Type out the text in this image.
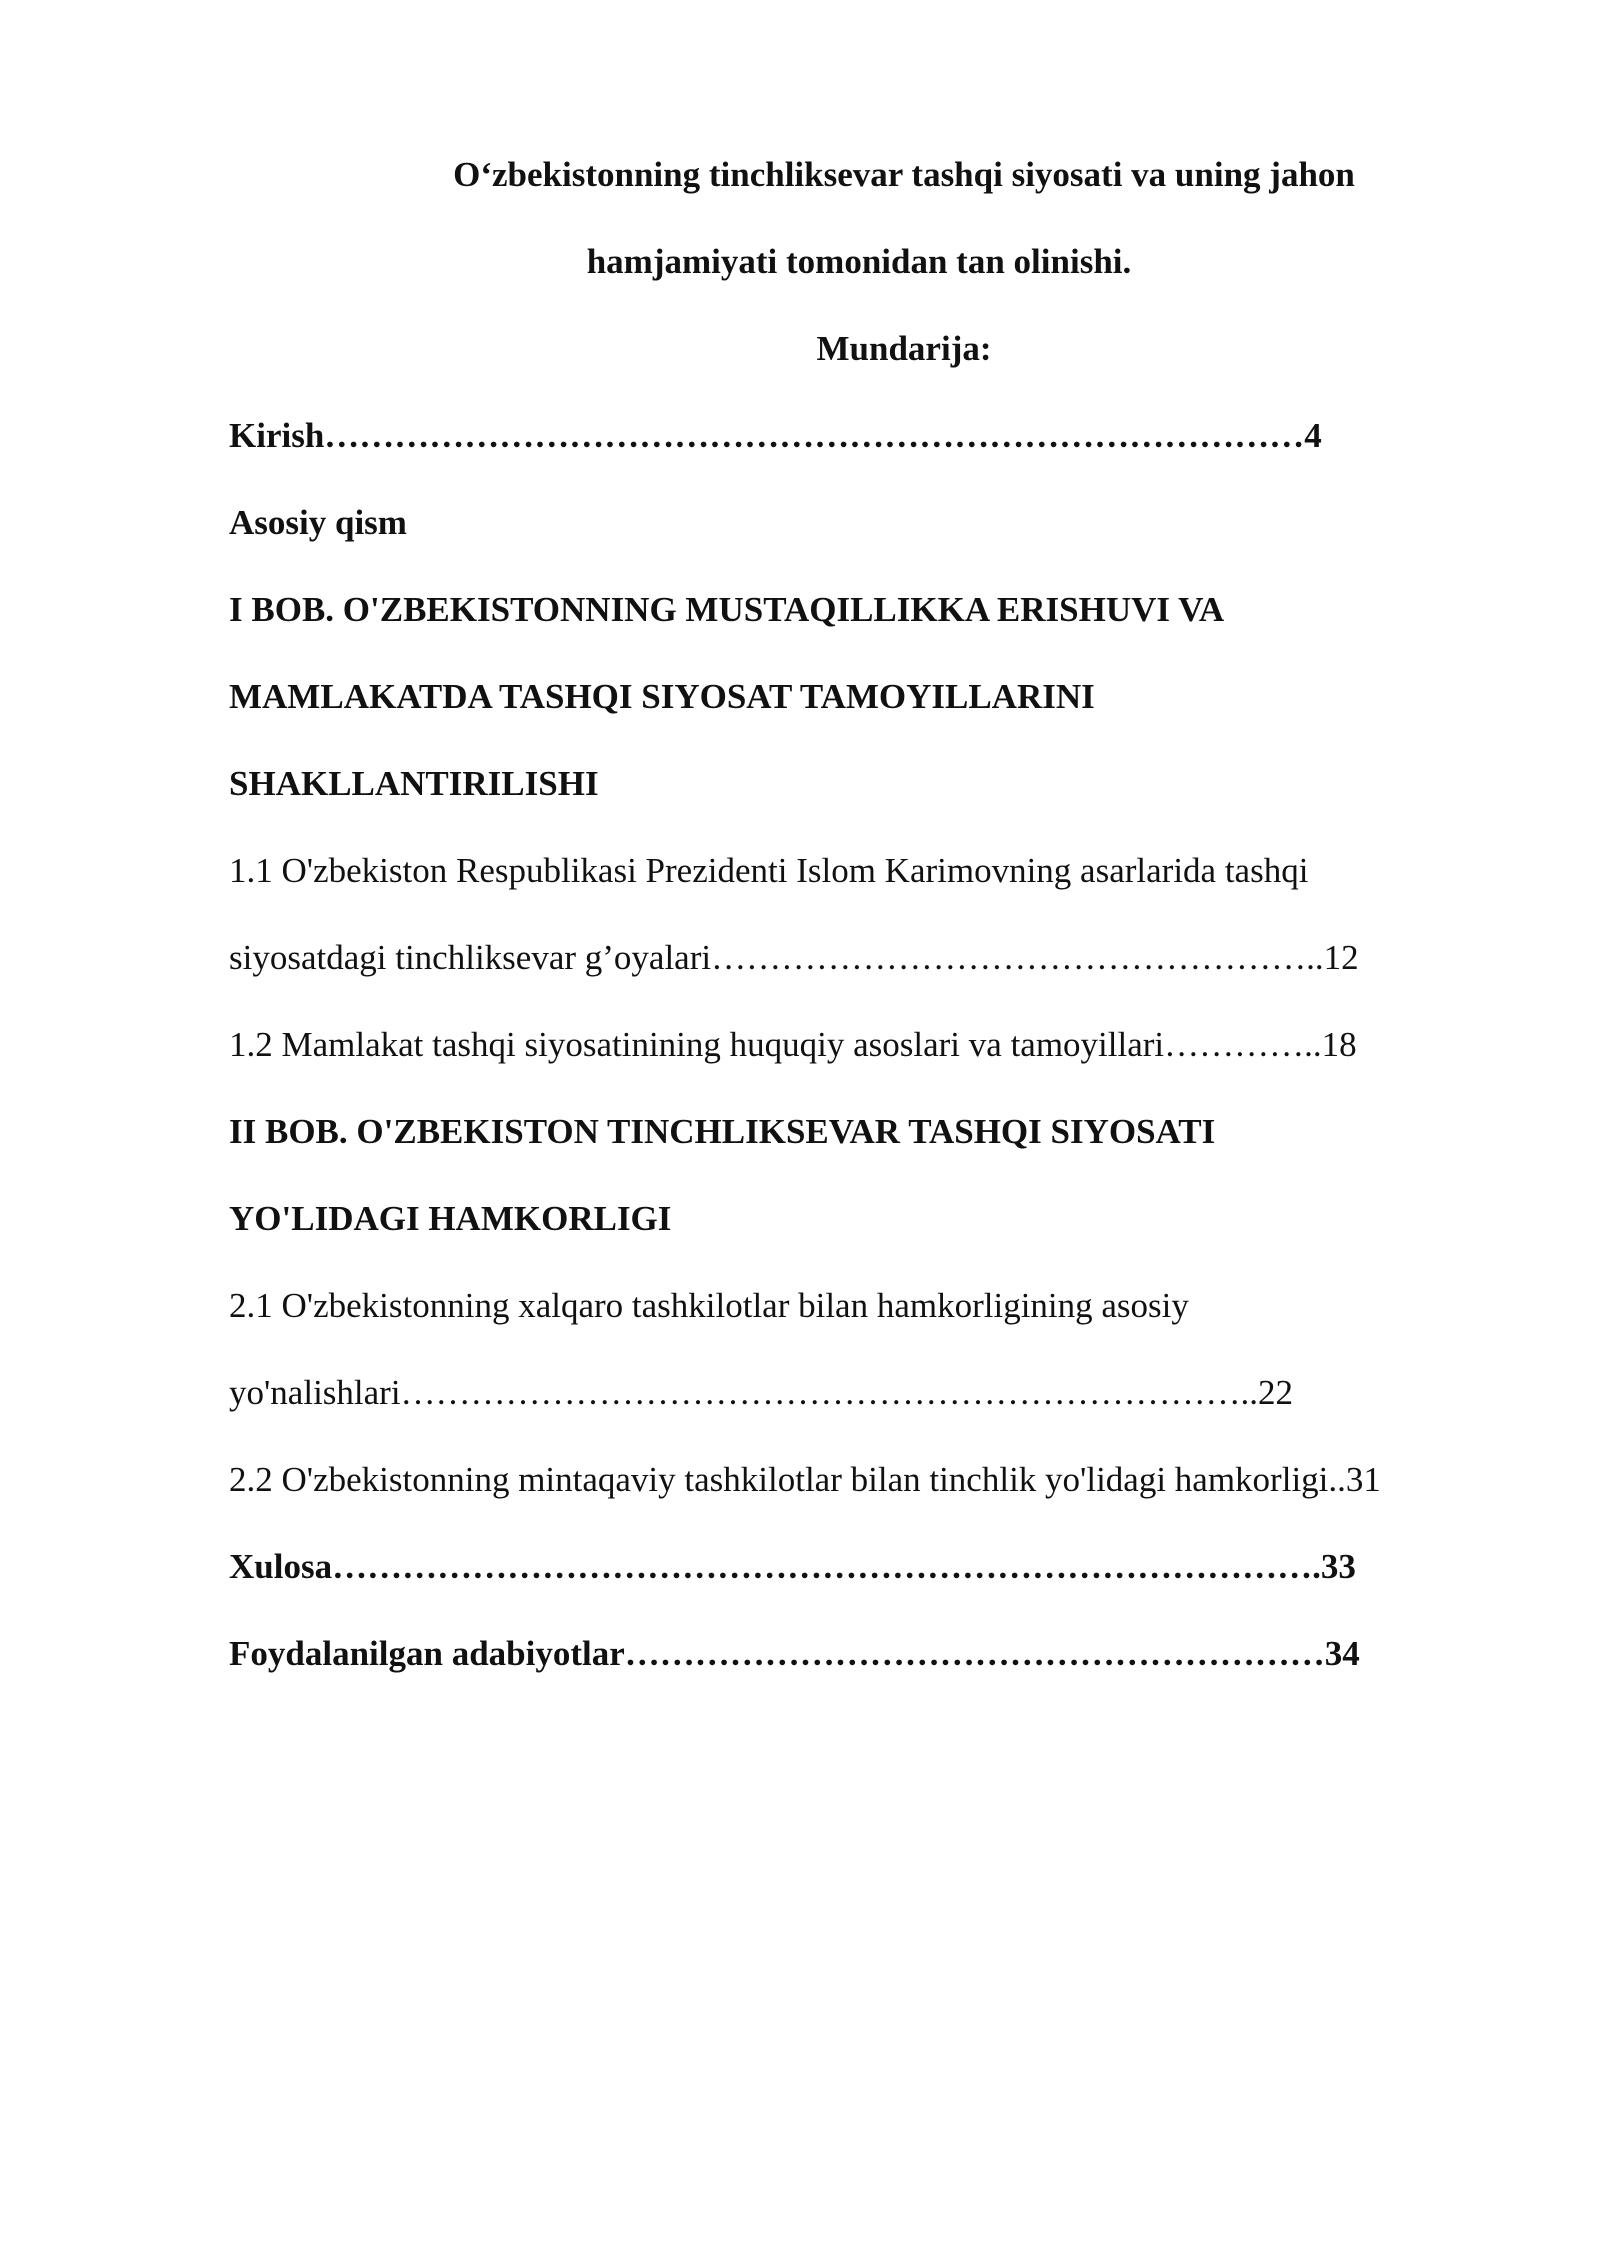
O‘zbekistonning tinchliksevar tashqi siyosati va uning jahon
hamjamiyati tomonidan tan olinishi.
Mundarija:
Kirish…………………………………………………………………………4
Asosiy qism
I BOB. O'ZBEKISTONNING MUSTAQILLIKKA ERISHUVI VA
MAMLAKATDA TASHQI SIYOSAT TAMOYILLARINI
SHAKLLANTIRILISHI
1.1 O'zbekiston Respublikasi Prezidenti Islom Karimovning asarlarida tashqi
siyosatdagi tinchliksevar g’oyalari……………………………………………..12
1.2 Mamlakat tashqi siyosatinining huquqiy asoslari va tamoyillari…………..18
II BOB. O'ZBEKISTON TINCHLIKSEVAR TASHQI SIYOSATI
YO'LIDAGI HAMKORLIGI
2.1 O'zbekistonning xalqaro tashkilotlar bilan hamkorligining asosiy
yo'nalishlari………………………………………………………………..22
2.2 O'zbekistonning mintaqaviy tashkilotlar bilan tinchlik yo'lidagi hamkorligi..31
Xulosa………………………………………………………………………….33
Foydalanilgan adabiyotlar……………………………………………………34
